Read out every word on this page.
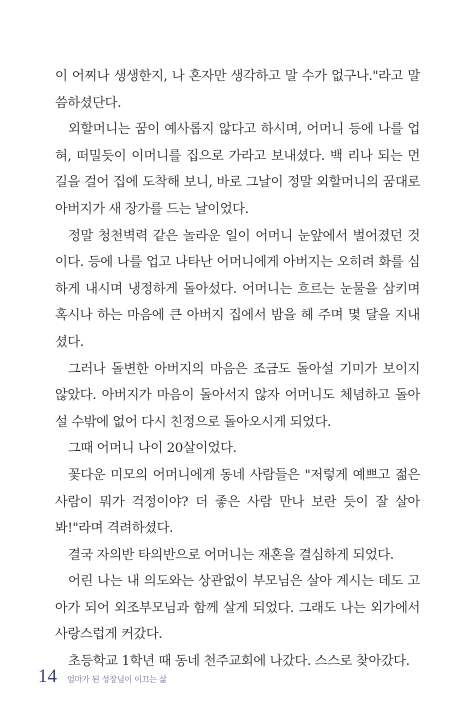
이 어찌나 생생한지, 나 혼자만 생각하고 말 수가 없구나."라고 말씀하셨단다.

외할머니는 꿈이 예사롭지 않다고 하시며, 어머니 등에 나를 업혀, 떠밀듯이 이머니를 집으로 가라고 보내셨다. 백 리나 되는 먼 길을 걸어 집에 도착해 보니, 바로 그날이 정말 외할머니의 꿈대로 아버지가 새 장가를 드는 날이었다.

정말 청천벽력 같은 놀라운 일이 어머니 눈앞에서 벌어졌던 것이다. 등에 나를 업고 나타난 어머니에게 아버지는 오히려 화를 심하게 내시며 냉정하게 돌아섰다. 어머니는 흐르는 눈물을 삼키며 혹시나 하는 마음에 큰 아버지 집에서 밤을 헤 주며 몇 달을 지내셨다.

그러나 돌변한 아버지의 마음은 조금도 돌아설 기미가 보이지 않았다. 아버지가 마음이 돌아서지 않자 어머니도 체념하고 돌아설 수밖에 없어 다시 친정으로 돌아오시게 되었다.

그때 어머니 나이 20살이었다.

꽃다운 미모의 어머니에게 동네 사람들은 "저렇게 예쁘고 젊은 사람이 뭐가 걱정이야? 더 좋은 사람 만나 보란 듯이 잘 살아 봐!"라며 격려하셨다.

결국 자의반 타의반으로 어머니는 재혼을 결심하게 되었다.

어린 나는 내 의도와는 상관없이 부모님은 살아 계시는 데도 고아가 되어 외조부모님과 함께 살게 되었다. 그래도 나는 외가에서 사랑스럽게 커갔다.

초등학교 1학년 때 동네 천주교회에 나갔다. 스스로 찾아갔다.

14 엄마가 된 성장님이 이끄는 삶
